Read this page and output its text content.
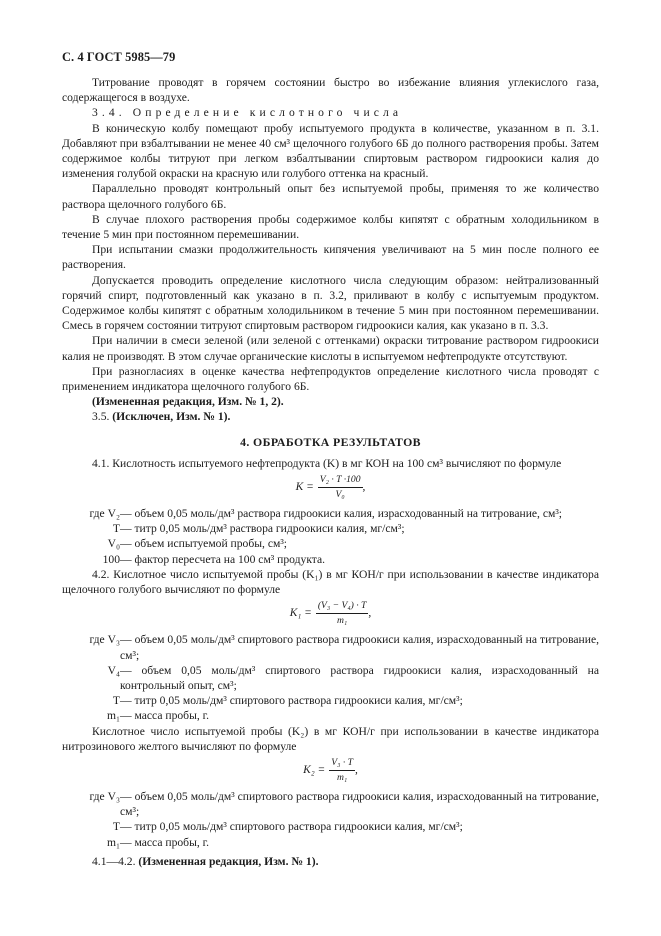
С. 4 ГОСТ 5985—79

Титрование проводят в горячем состоянии быстро во избежание влияния углекислого газа, содержащегося в воздухе.

3.4. Определение кислотного числа

В коническую колбу помещают пробу испытуемого продукта в количестве, указанном в п. 3.1. Добавляют при взбалтывании не менее 40 см³ щелочного голубого 6Б до полного растворения пробы. Затем содержимое колбы титруют при легком взбалтывании спиртовым раствором гидроокиси калия до изменения голубой окраски на красную или голубого оттенка на красный.

Параллельно проводят контрольный опыт без испытуемой пробы, применяя то же количество раствора щелочного голубого 6Б.

В случае плохого растворения пробы содержимое колбы кипятят с обратным холодильником в течение 5 мин при постоянном перемешивании.

При испытании смазки продолжительность кипячения увеличивают на 5 мин после полного ее растворения.

Допускается проводить определение кислотного числа следующим образом: нейтрализованный горячий спирт, подготовленный как указано в п. 3.2, приливают в колбу с испытуемым продуктом. Содержимое колбы кипятят с обратным холодильником в течение 5 мин при постоянном перемешивании. Смесь в горячем состоянии титруют спиртовым раствором гидроокиси калия, как указано в п. 3.3.

При наличии в смеси зеленой (или зеленой с оттенками) окраски титрование раствором гидроокиси калия не производят. В этом случае органические кислоты в испытуемом нефтепродукте отсутствуют.

При разногласиях в оценке качества нефтепродуктов определение кислотного числа проводят с применением индикатора щелочного голубого 6Б.

(Измененная редакция, Изм. № 1, 2).

3.5. (Исключен, Изм. № 1).

4. ОБРАБОТКА РЕЗУЛЬТАТОВ

4.1. Кислотность испытуемого нефтепродукта (K) в мг КОН на 100 см³ вычисляют по формуле

$K = \frac{\text{V₂ · T ·100}}{\text{V₀}}$ ,
где V₂ — объем 0,05 моль/дм³ раствора гидроокиси калия, израсходованный на титрование, см³;
T — титр 0,05 моль/дм³ раствора гидроокиси калия, мг/см³;
V₀ — объем испытуемой пробы, см³;
100 — фактор пересчета на 100 см³ продукта.

4.2. Кислотное число испытуемой пробы (K₁) в мг КОН/г при использовании в качестве индикатора щелочного голубого вычисляют по формуле

$K_1 = \frac{\text{(V₃ − V₄) · T}}{\text{m₁}}$ ,
где V₃ — объем 0,05 моль/дм³ спиртового раствора гидроокиси калия, израсходованный на титрование, см³;
V₄ — объем 0,05 моль/дм³ спиртового раствора гидроокиси калия, израсходованный на контрольный опыт, см³;
T — титр 0,05 моль/дм³ спиртового раствора гидроокиси калия, мг/см³;
m₁ — масса пробы, г.

Кислотное число испытуемой пробы (K₂) в мг КОН/г при использовании в качестве индикатора нитрозинового желтого вычисляют по формуле

$K_2 = \frac{\text{V₃ · T}}{\text{m₁}}$ ,
где V₃ — объем 0,05 моль/дм³ спиртового раствора гидроокиси калия, израсходованный на титрование, см³;
T — титр 0,05 моль/дм³ спиртового раствора гидроокиси калия, мг/см³;
m₁ — масса пробы, г.

4.1—4.2. (Измененная редакция, Изм. № 1).
